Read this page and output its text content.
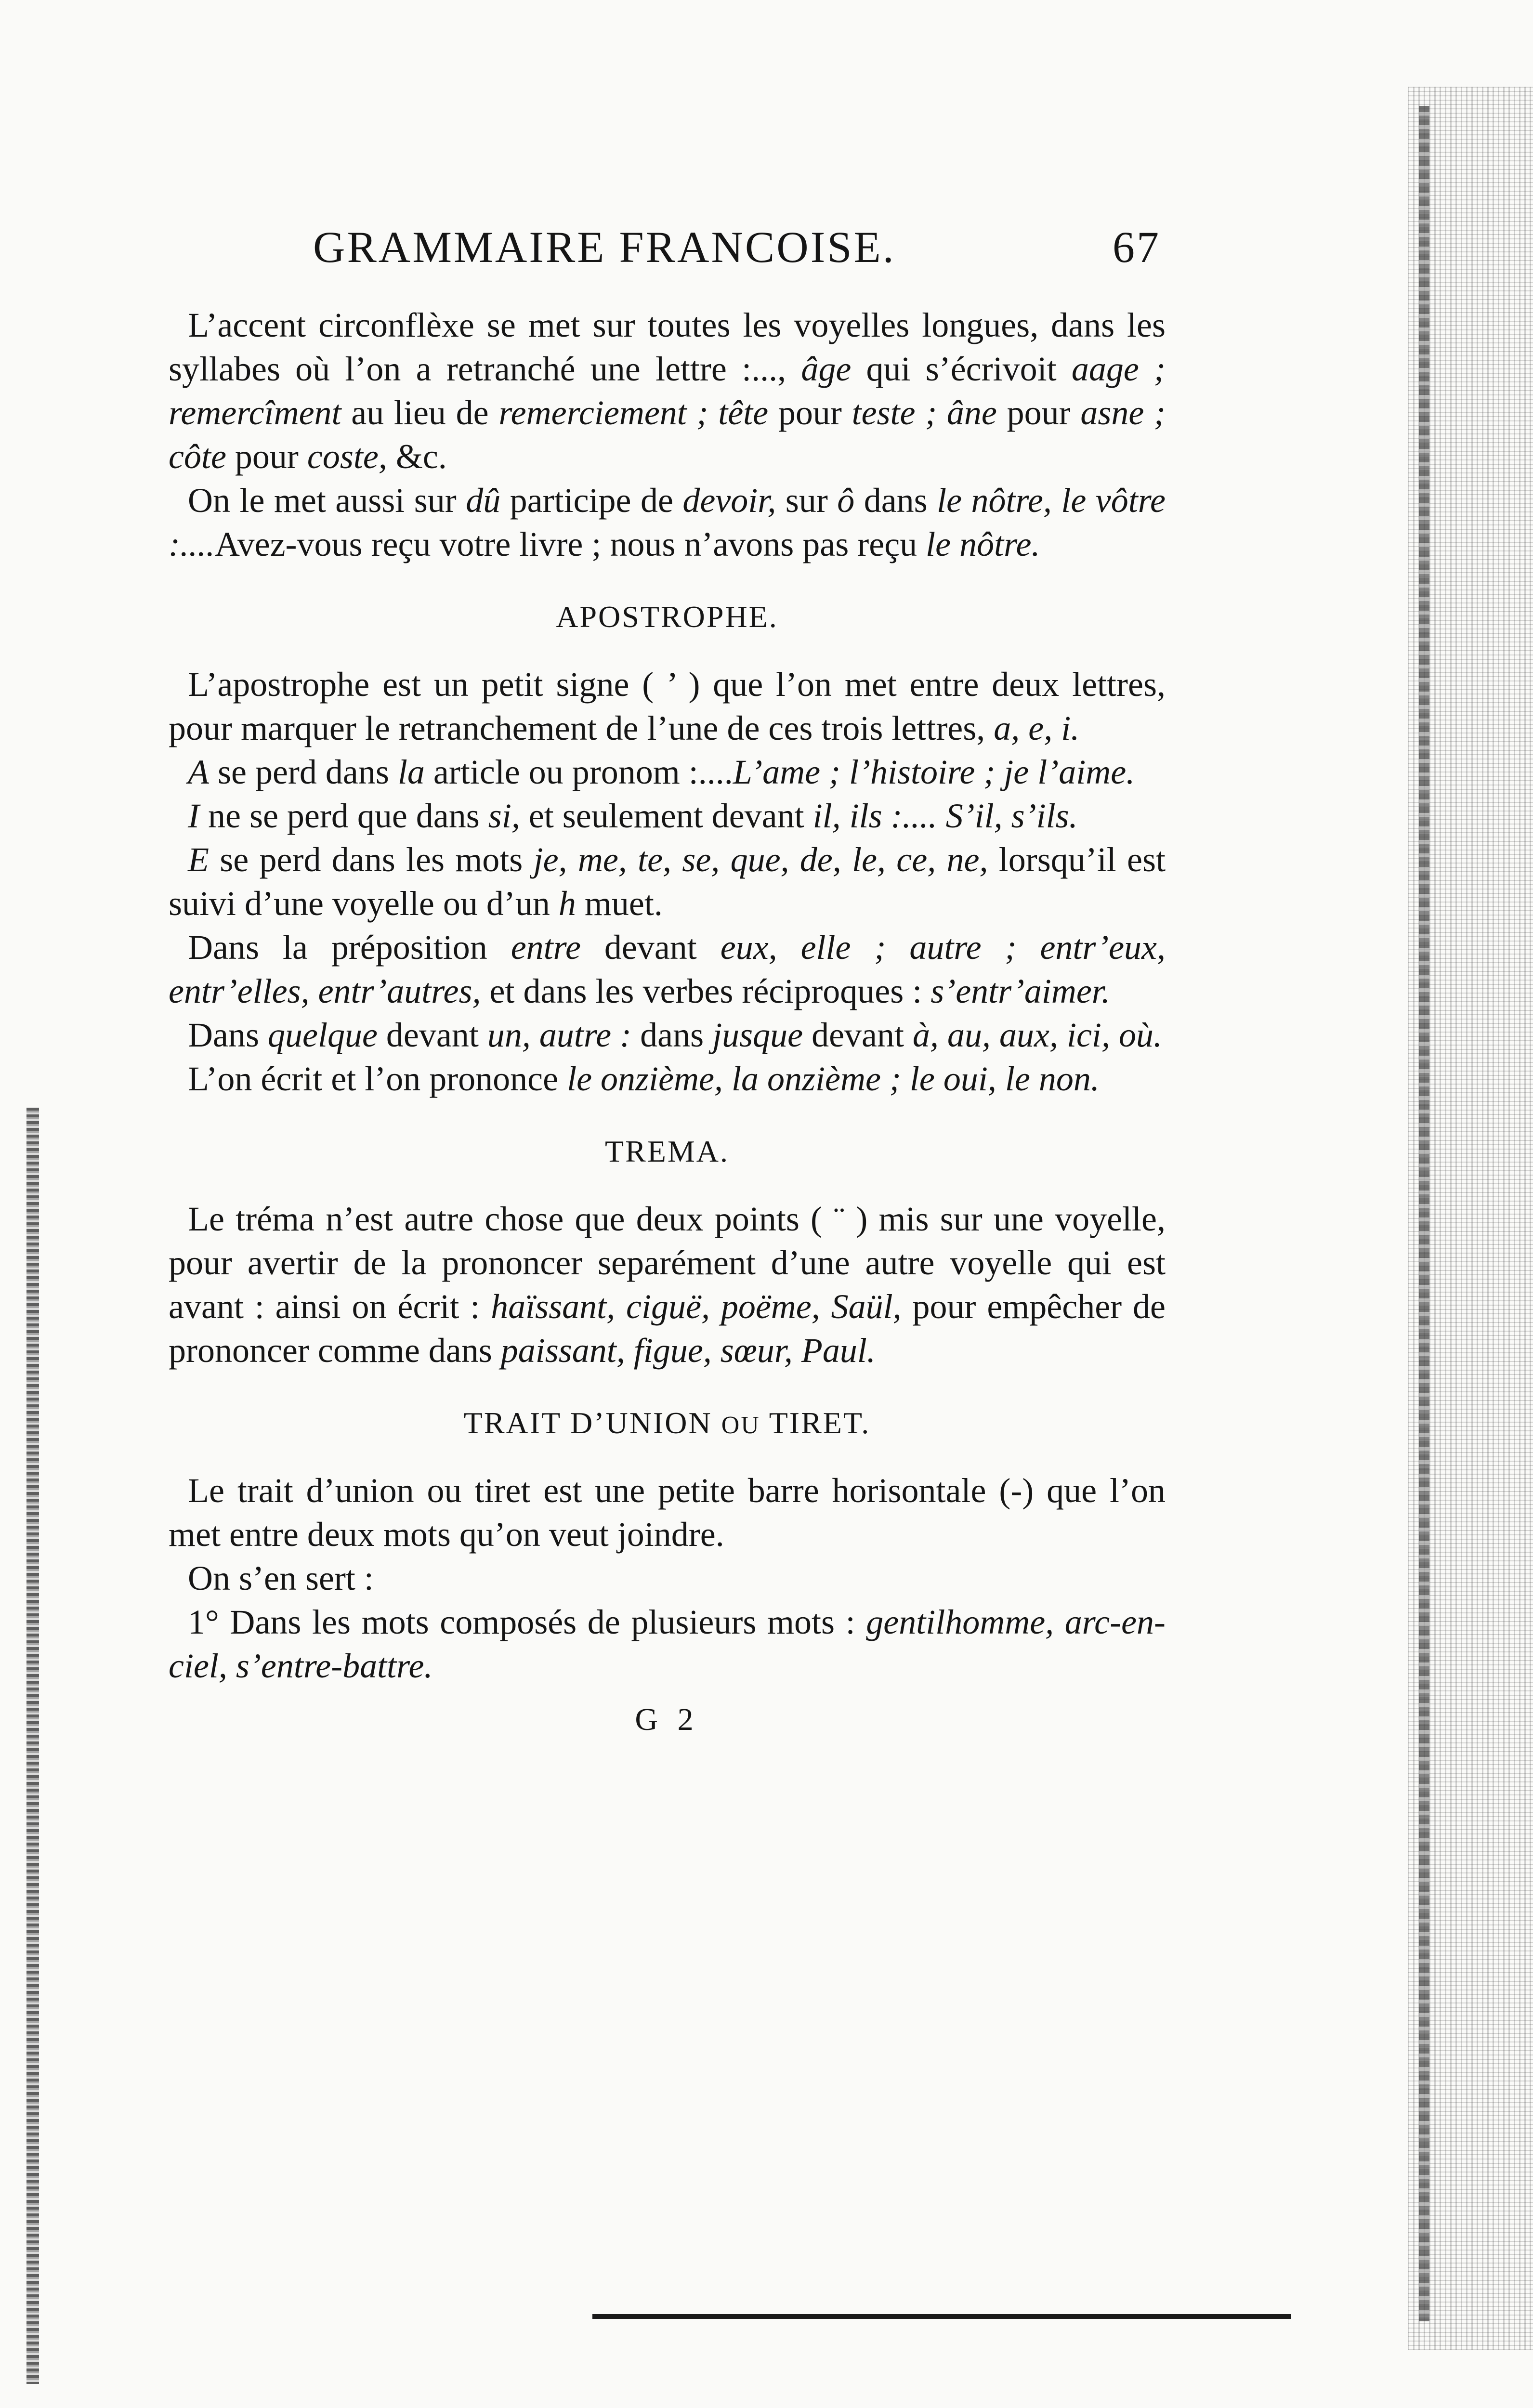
GRAMMAIRE FRANCOISE.	67

L’accent circonflèxe se met sur toutes les voyelles longues, dans les syllabes où l’on a retranché une lettre :..., âge qui s’écrivoit aage ; remercîment au lieu de remerciement ; tête pour teste ; âne pour asne ; côte pour coste, &c.

On le met aussi sur dû participe de devoir, sur ô dans le nôtre, le vôtre :....Avez-vous reçu votre livre ; nous n’avons pas reçu le nôtre.

APOSTROPHE.

L’apostrophe est un petit signe ( ’ ) que l’on met entre deux lettres, pour marquer le retranchement de l’une de ces trois lettres, a, e, i.

A se perd dans la article ou pronom :....L’ame ; l’histoire ; je l’aime.

I ne se perd que dans si, et seulement devant il, ils :.... S’il, s’ils.

E se perd dans les mots je, me, te, se, que, de, le, ce, ne, lorsqu’il est suivi d’une voyelle ou d’un h muet.

Dans la préposition entre devant eux, elle ; autre ; entr’eux, entr’elles, entr’autres, et dans les verbes réciproques : s’entr’aimer.

Dans quelque devant un, autre : dans jusque devant à, au, aux, ici, où.

L’on écrit et l’on prononce le onzième, la onzième ; le oui, le non.

TREMA.

Le tréma n’est autre chose que deux points ( ¨ ) mis sur une voyelle, pour avertir de la prononcer separément d’une autre voyelle qui est avant : ainsi on écrit : haïssant, ciguë, poëme, Saül, pour empêcher de prononcer comme dans paissant, figue, sœur, Paul.

TRAIT D’UNION OU TIRET.

Le trait d’union ou tiret est une petite barre horisontale (-) que l’on met entre deux mots qu’on veut joindre.

On s’en sert :

1° Dans les mots composés de plusieurs mots : gentilhomme, arc-en-ciel, s’entre-battre.

G 2
